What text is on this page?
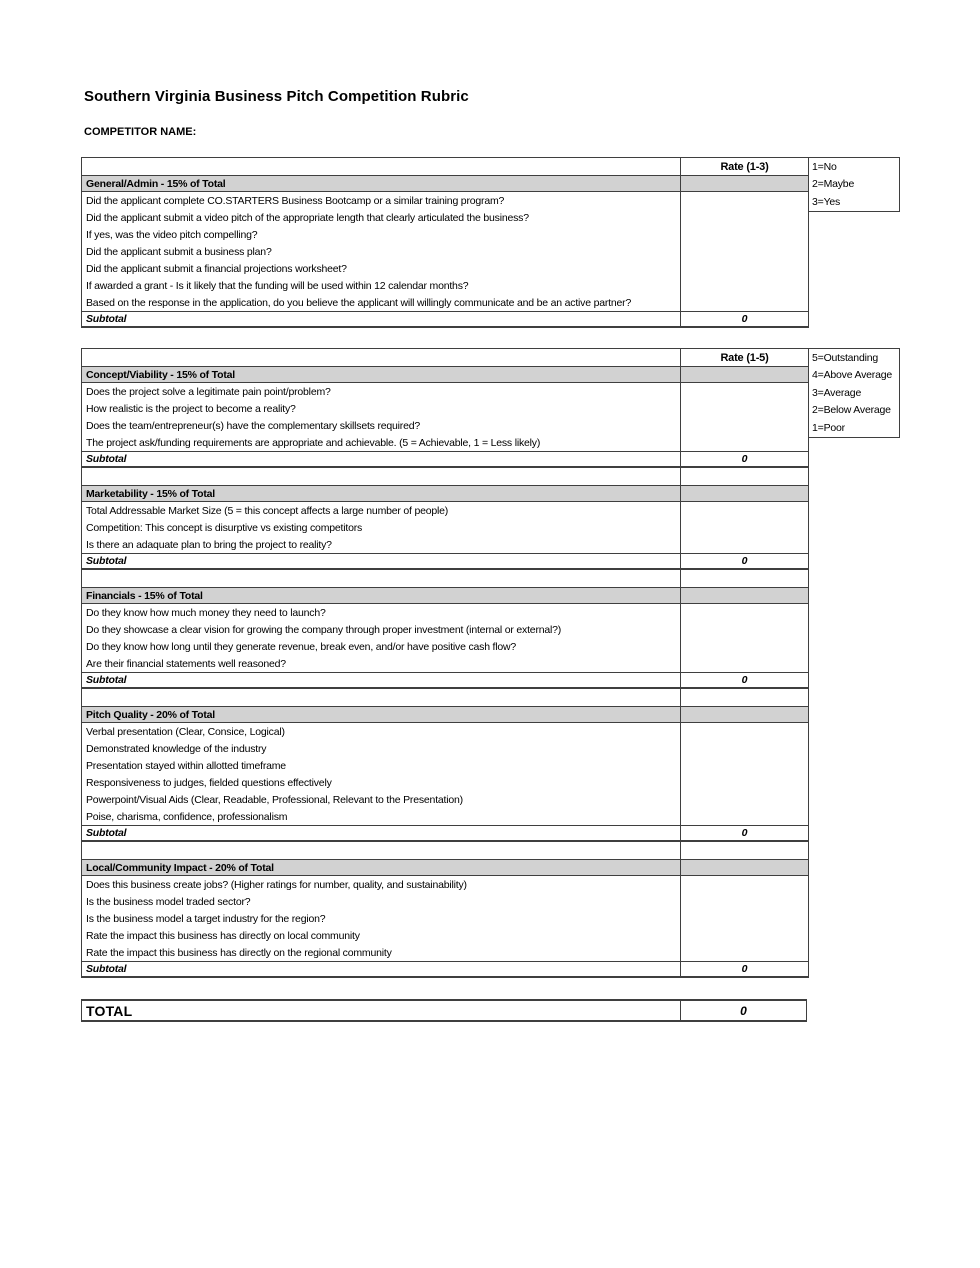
Southern Virginia Business Pitch Competition Rubric
COMPETITOR NAME:
Rate (1-3)
General/Admin - 15% of Total
Did the applicant complete CO.STARTERS Business Bootcamp or a similar training program?
Did the applicant submit a video pitch of the appropriate length that clearly articulated the business?
If yes, was the video pitch compelling?
Did the applicant submit a business plan?
Did the applicant submit a financial projections worksheet?
If awarded a grant - Is it likely that the funding will be used within 12 calendar months?
Based on the response in the application, do you believe the applicant will willingly communicate and be an active partner?
Subtotal	0
1=No
2=Maybe
3=Yes
Rate (1-5)
Concept/Viability - 15% of Total
Does the project solve a legitimate pain point/problem?
How realistic is the project to become a reality?
Does the team/entrepreneur(s) have the complementary skillsets required?
The project ask/funding requirements are appropriate and achievable. (5 = Achievable, 1 = Less likely)
Subtotal	0
Marketability - 15% of Total
Total Addressable Market Size (5 = this concept affects a large number of people)
Competition: This concept is disurptive vs existing competitors
Is there an adaquate plan to bring the project to reality?
Subtotal	0
Financials - 15% of Total
Do they know how much money they need to launch?
Do they showcase a clear vision for growing the company through proper investment (internal or external?)
Do they know how long until they generate revenue, break even, and/or have positive cash flow?
Are their financial statements well reasoned?
Subtotal	0
Pitch Quality - 20% of Total
Verbal presentation (Clear, Consice, Logical)
Demonstrated knowledge of the industry
Presentation stayed within allotted timeframe
Responsiveness to judges, fielded questions effectively
Powerpoint/Visual Aids (Clear, Readable, Professional, Relevant to the Presentation)
Poise, charisma, confidence, professionalism
Subtotal	0
Local/Community Impact - 20% of Total
Does this business create jobs? (Higher ratings for number, quality, and sustainability)
Is the business model traded sector?
Is the business model a target industry for the region?
Rate the impact this business has directly on local community
Rate the impact this business has directly on the regional community
Subtotal	0
5=Outstanding
4=Above Average
3=Average
2=Below Average
1=Poor
TOTAL	0
